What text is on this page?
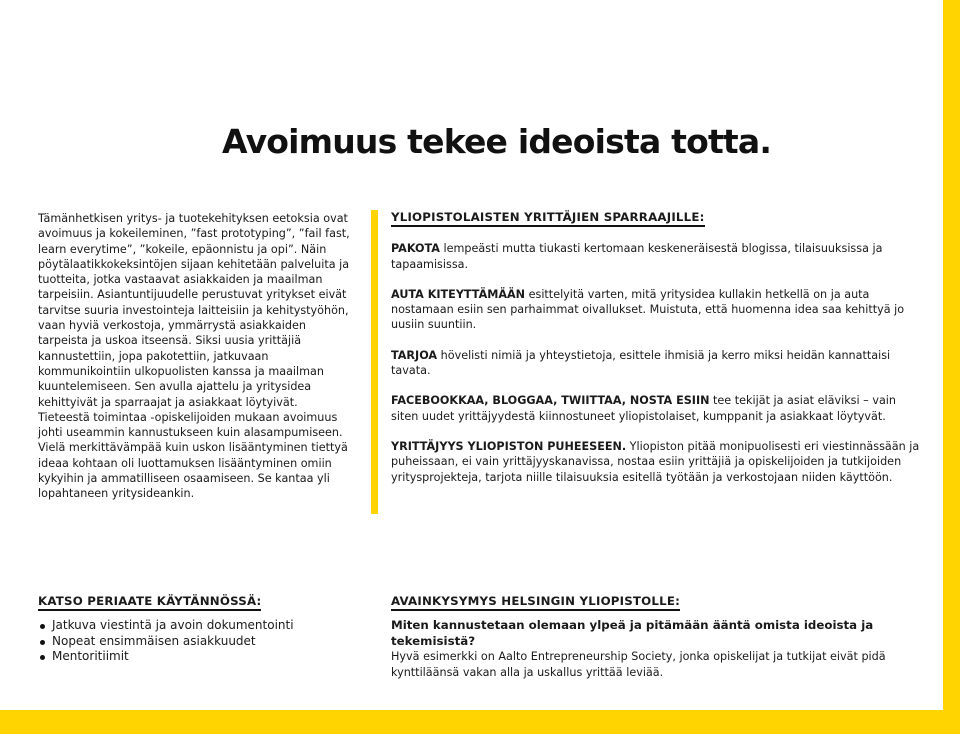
Avoimuus tekee ideoista totta.

Tämänhetkisen yritys- ja tuotekehityksen eetoksia ovat avoimuus ja kokeileminen, ”fast prototyping”, ”fail fast, learn everytime”, ”kokeile, epäonnistu ja opi”. Näin pöytälaatikkokeksintöjen sijaan kehitetään palveluita ja tuotteita, jotka vastaavat asiakkaiden ja maailman tarpeisiin. Asiantuntijuudelle perustuvat yritykset eivät tarvitse suuria investointeja laitteisiin ja kehitystyöhön, vaan hyviä verkostoja, ymmärrystä asiakkaiden tarpeista ja uskoa itseensä. Siksi uusia yrittäjiä kannustettiin, jopa pakotettiin, jatkuvaan kommunikointiin ulkopuolisten kanssa ja maailman kuuntelemiseen. Sen avulla ajattelu ja yritysidea kehittyivät ja sparraajat ja asiakkaat löytyivät. Tieteestä toimintaa -opiskelijoiden mukaan avoimuus johti useammin kannustukseen kuin alasampumiseen. Vielä merkittävämpää kuin uskon lisääntyminen tiettyä ideaa kohtaan oli luottamuksen lisääntyminen omiin kykyihin ja ammatilliseen osaamiseen. Se kantaa yli lopahtaneen yritysideankin.

YLIOPISTOLAISTEN YRITTÄJIEN SPARRAAJILLE:

PAKOTA lempeästi mutta tiukasti kertomaan keskeneräisestä blogissa, tilaisuuksissa ja tapaamisissa.

AUTA KITEYTTÄMÄÄN esittelyitä varten, mitä yritysidea kullakin hetkellä on ja auta nostamaan esiin sen parhaimmat oivallukset. Muistuta, että huomenna idea saa kehittyä jo uusiin suuntiin.

TARJOA hövelisti nimiä ja yhteystietoja, esittele ihmisiä ja kerro miksi heidän kannattaisi tavata.

FACEBOOKKAA, BLOGGAA, TWIITTAA, NOSTA ESIIN tee tekijät ja asiat eläviksi – vain siten uudet yrittäjyydestä kiinnostuneet yliopistolaiset, kumppanit ja asiakkaat löytyvät.

YRITTÄJYYS YLIOPISTON PUHEESEEN. Yliopiston pitää monipuolisesti eri viestinnässään ja puheissaan, ei vain yrittäjyyskanavissa, nostaa esiin yrittäjiä ja opiskelijoiden ja tutkijoiden yritysprojekteja, tarjota niille tilaisuuksia esitellä työtään ja verkostojaan niiden käyttöön.

KATSO PERIAATE KÄYTÄNNÖSSÄ:
Jatkuva viestintä ja avoin dokumentointi
Nopeat ensimmäisen asiakkuudet
Mentoritiimit
AVAINKYSYMYS HELSINGIN YLIOPISTOLLE:

Miten kannustetaan olemaan ylpeä ja pitämään ääntä omista ideoista ja tekemisistä?

Hyvä esimerkki on Aalto Entrepreneurship Society, jonka opiskelijat ja tutkijat eivät pidä kynttiläänsä vakan alla ja uskallus yrittää leviää.
